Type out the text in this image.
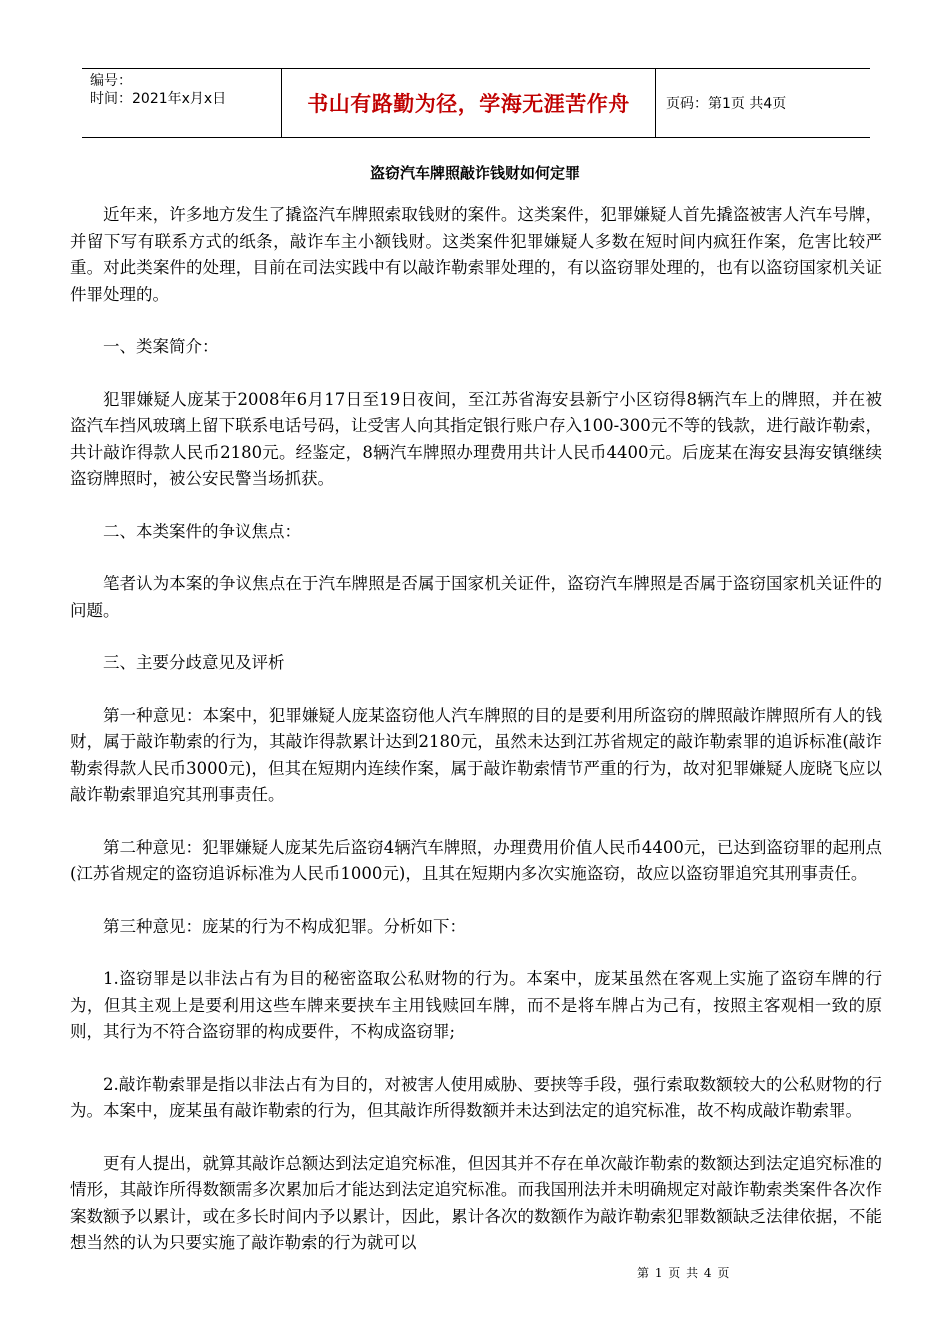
编号：
时间：2021年x月x日	书山有路勤为径，学海无涯苦作舟	页码：第1页 共4页
盗窃汽车牌照敲诈钱财如何定罪

近年来，许多地方发生了撬盗汽车牌照索取钱财的案件。这类案件，犯罪嫌疑人首先撬盗被害人汽车号牌，并留下写有联系方式的纸条，敲诈车主小额钱财。这类案件犯罪嫌疑人多数在短时间内疯狂作案，危害比较严重。对此类案件的处理，目前在司法实践中有以敲诈勒索罪处理的，有以盗窃罪处理的，也有以盗窃国家机关证件罪处理的。

一、类案简介：

犯罪嫌疑人庞某于2008年6月17日至19日夜间，至江苏省海安县新宁小区窃得8辆汽车上的牌照，并在被盗汽车挡风玻璃上留下联系电话号码，让受害人向其指定银行账户存入100-300元不等的钱款，进行敲诈勒索，共计敲诈得款人民币2180元。经鉴定，8辆汽车牌照办理费用共计人民币4400元。后庞某在海安县海安镇继续盗窃牌照时，被公安民警当场抓获。

二、本类案件的争议焦点：

笔者认为本案的争议焦点在于汽车牌照是否属于国家机关证件，盗窃汽车牌照是否属于盗窃国家机关证件的问题。

三、主要分歧意见及评析

第一种意见：本案中，犯罪嫌疑人庞某盗窃他人汽车牌照的目的是要利用所盗窃的牌照敲诈牌照所有人的钱财，属于敲诈勒索的行为，其敲诈得款累计达到2180元，虽然未达到江苏省规定的敲诈勒索罪的追诉标准(敲诈勒索得款人民币3000元)，但其在短期内连续作案，属于敲诈勒索情节严重的行为，故对犯罪嫌疑人庞晓飞应以敲诈勒索罪追究其刑事责任。

第二种意见：犯罪嫌疑人庞某先后盗窃4辆汽车牌照，办理费用价值人民币4400元，已达到盗窃罪的起刑点(江苏省规定的盗窃追诉标准为人民币1000元)，且其在短期内多次实施盗窃，故应以盗窃罪追究其刑事责任。

第三种意见：庞某的行为不构成犯罪。分析如下：

1.盗窃罪是以非法占有为目的秘密盗取公私财物的行为。本案中，庞某虽然在客观上实施了盗窃车牌的行为，但其主观上是要利用这些车牌来要挟车主用钱赎回车牌，而不是将车牌占为己有，按照主客观相一致的原则，其行为不符合盗窃罪的构成要件，不构成盗窃罪;

2.敲诈勒索罪是指以非法占有为目的，对被害人使用威胁、要挟等手段，强行索取数额较大的公私财物的行为。本案中，庞某虽有敲诈勒索的行为，但其敲诈所得数额并未达到法定的追究标准，故不构成敲诈勒索罪。

更有人提出，就算其敲诈总额达到法定追究标准，但因其并不存在单次敲诈勒索的数额达到法定追究标准的情形，其敲诈所得数额需多次累加后才能达到法定追究标准。而我国刑法并未明确规定对敲诈勒索类案件各次作案数额予以累计，或在多长时间内予以累计，因此，累计各次的数额作为敲诈勒索犯罪数额缺乏法律依据，不能想当然的认为只要实施了敲诈勒索的行为就可以

第 1 页 共 4 页
